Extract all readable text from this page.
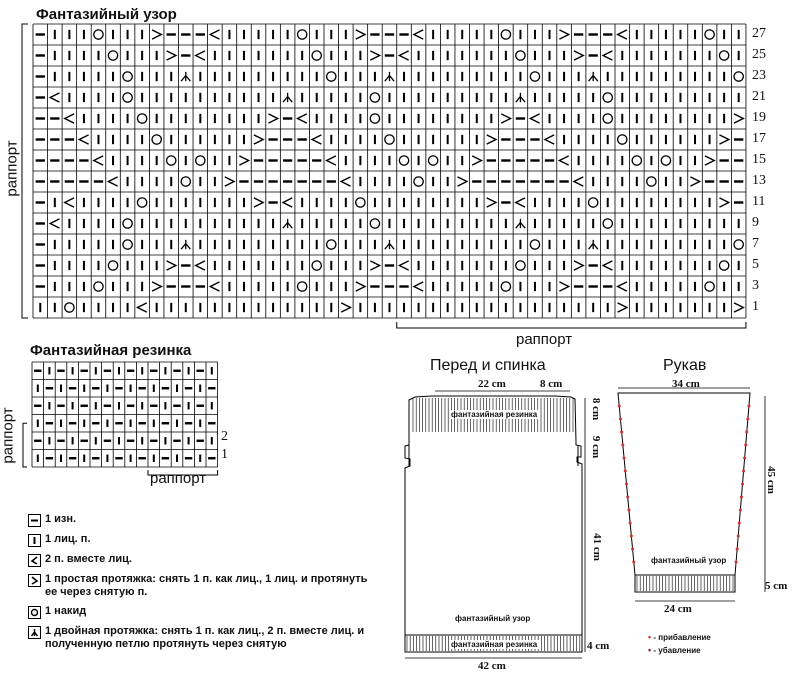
Фантазийный узор
раппорт
раппорт
27
25
23
21
19
17
15
13
11
9
7
5
3
1
Фантазийная резинка
раппорт
раппорт
2
1
1 изн.
1 лиц. п.
2 п. вместе лиц.
1 простая протяжка: снять 1 п. как лиц., 1 лиц. и протянуть ее через снятую п.
1 накид
1 двойная протяжка: снять 1 п. как лиц., 2 п. вместе лиц. и полученную петлю протянуть через снятую
Перед и спинка
22 cm	8 cm
8 cm
9 cm
41 cm
4 cm
42 cm
фантазийная резинка
фантазийный узор
фантазийная резинка
Рукав
34 cm
45 cm
5 cm
24 cm
фантазийный узор
• - прибавление
• - убавление
